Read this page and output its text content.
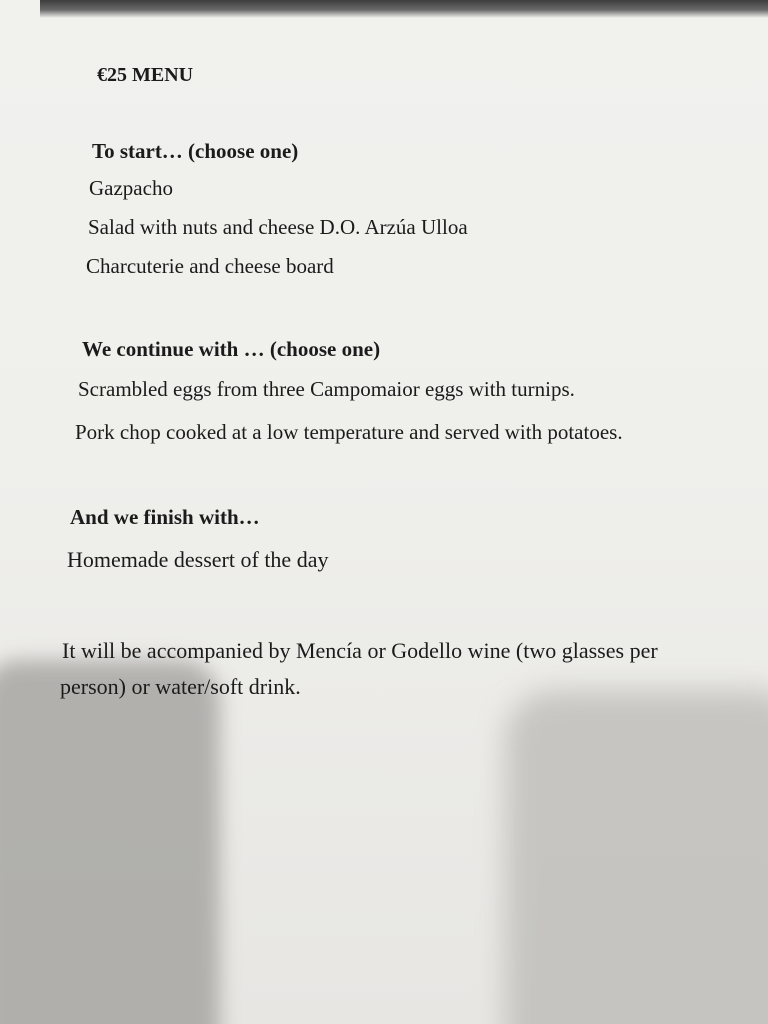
€25 MENU
To start… (choose one)
Gazpacho
Salad with nuts and cheese D.O. Arzúa Ulloa
Charcuterie and cheese board
We continue with … (choose one)
Scrambled eggs from three Campomaior eggs with turnips.
Pork chop cooked at a low temperature and served with potatoes.
And we finish with…
Homemade dessert of the day
It will be accompanied by Mencía or Godello wine (two glasses per
person) or water/soft drink.
